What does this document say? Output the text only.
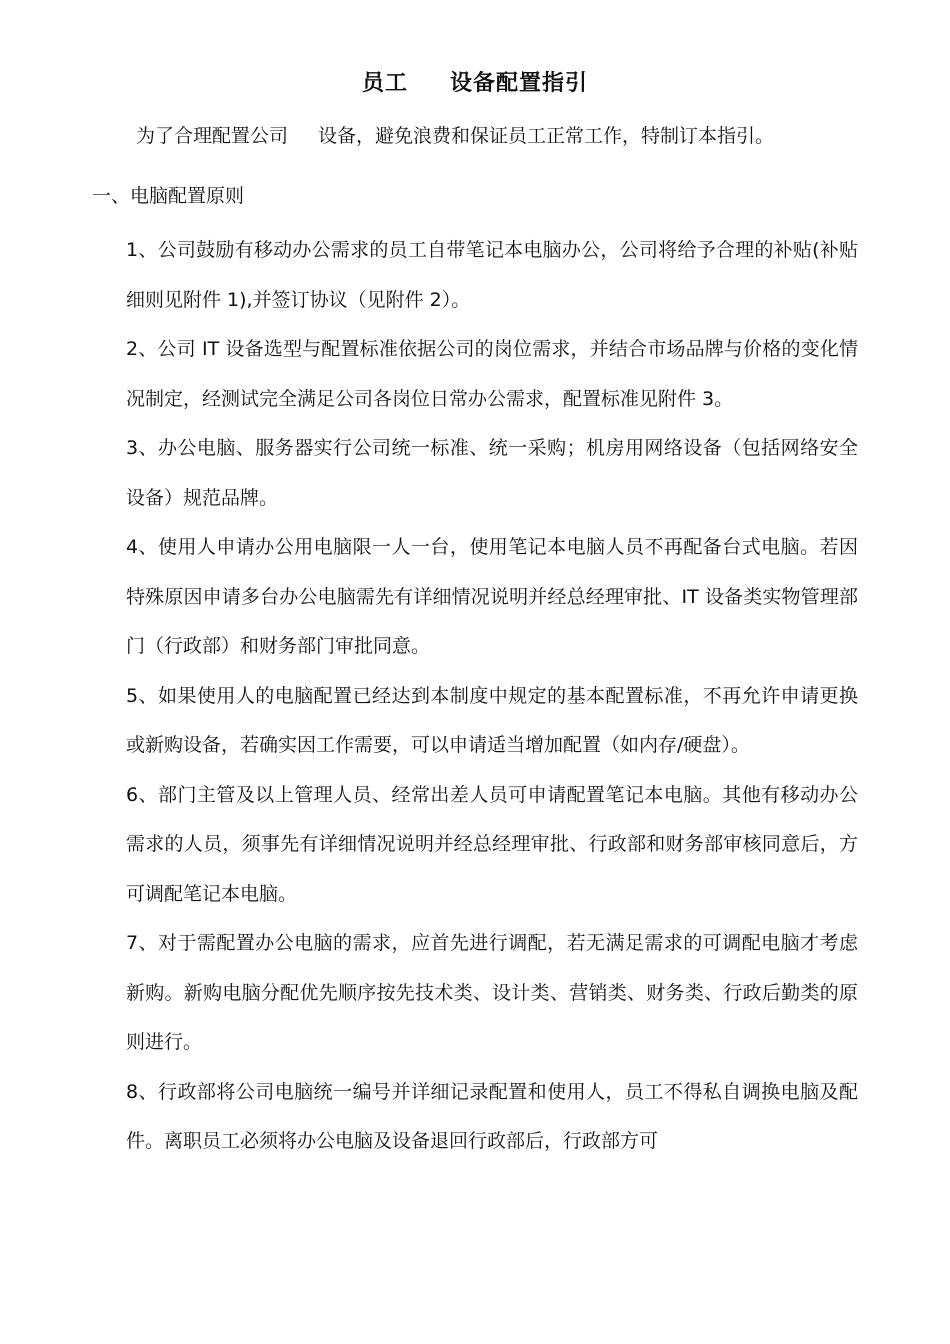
员工 设备配置指引
为了合理配置公司 设备，避免浪费和保证员工正常工作，特制订本指引。
一、电脑配置原则

1、公司鼓励有移动办公需求的员工自带笔记本电脑办公，公司将给予合理的补贴(补贴细则见附件 1),并签订协议（见附件 2）。

2、公司 IT 设备选型与配置标准依据公司的岗位需求，并结合市场品牌与价格的变化情况制定，经测试完全满足公司各岗位日常办公需求，配置标准见附件 3。

3、办公电脑、服务器实行公司统一标准、统一采购；机房用网络设备（包括网络安全设备）规范品牌。

4、使用人申请办公用电脑限一人一台，使用笔记本电脑人员不再配备台式电脑。若因特殊原因申请多台办公电脑需先有详细情况说明并经总经理审批、IT 设备类实物管理部门（行政部）和财务部门审批同意。

5、如果使用人的电脑配置已经达到本制度中规定的基本配置标准，不再允许申请更换或新购设备，若确实因工作需要，可以申请适当增加配置（如内存/硬盘）。

6、部门主管及以上管理人员、经常出差人员可申请配置笔记本电脑。其他有移动办公需求的人员，须事先有详细情况说明并经总经理审批、行政部和财务部审核同意后，方可调配笔记本电脑。

7、对于需配置办公电脑的需求，应首先进行调配，若无满足需求的可调配电脑才考虑新购。新购电脑分配优先顺序按先技术类、设计类、营销类、财务类、行政后勤类的原则进行。

8、行政部将公司电脑统一编号并详细记录配置和使用人，员工不得私自调换电脑及配件。离职员工必须将办公电脑及设备退回行政部后，行政部方可
